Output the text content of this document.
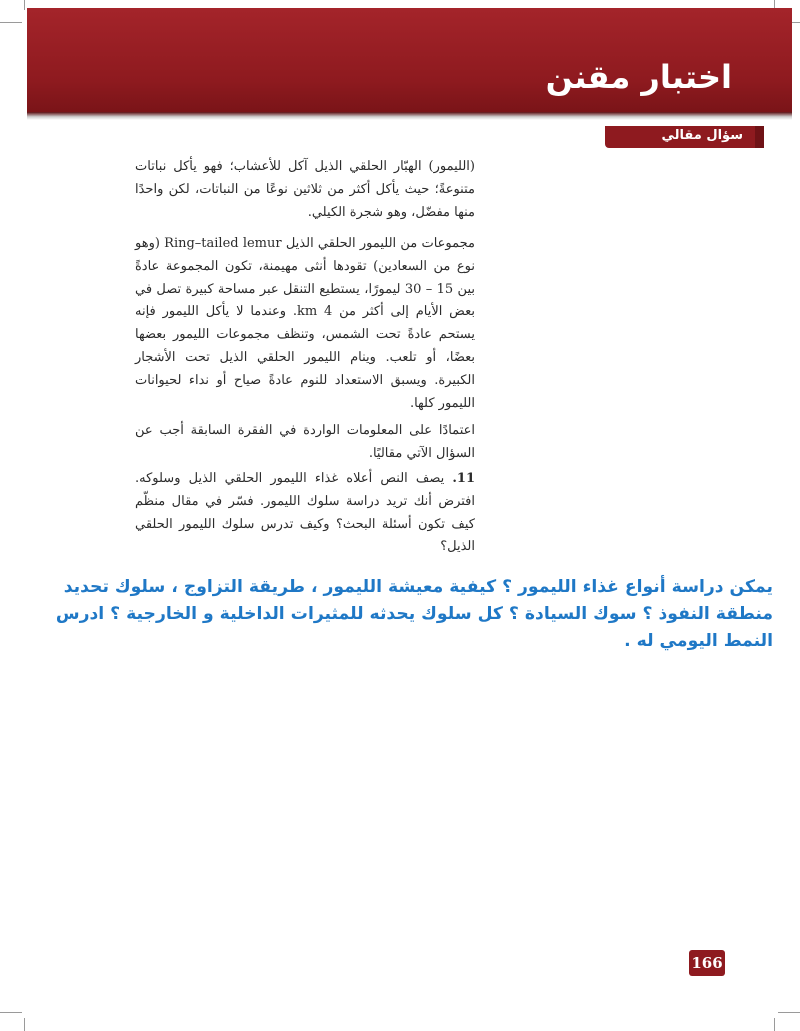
اختبار مقنن
سؤال مقالي

(الليمور) الهبّار الحلقي الذيل آكل للأعشاب؛ فهو يأكل نباتات متنوعةً؛ حيث يأكل أكثر من ثلاثين نوعًا من النباتات، لكن واحدًا منها مفضّل، وهو شجرة الكيلي.

مجموعات من الليمور الحلقي الذيل Ring–tailed lemur (وهو نوع من السعادين) تقودها أنثى مهيمنة، تكون المجموعة عادةً بين 15 – 30 ليمورًا، يستطيع التنقل عبر مساحة كبيرة تصل في بعض الأيام إلى أكثر من 4 km. وعندما لا يأكل الليمور فإنه يستحم عادةً تحت الشمس، وتنظف مجموعات الليمور بعضها بعضًا، أو تلعب. وينام الليمور الحلقي الذيل تحت الأشجار الكبيرة. ويسبق الاستعداد للنوم عادةً صياح أو نداء لحيوانات الليمور كلها.

اعتمادًا على المعلومات الواردة في الفقرة السابقة أجب عن السؤال الآتي مقاليًا.

11. يصف النص أعلاه غذاء الليمور الحلقي الذيل وسلوكه. افترض أنك تريد دراسة سلوك الليمور. فسّر في مقال منظّم كيف تكون أسئلة البحث؟ وكيف تدرس سلوك الليمور الحلقي الذيل؟

يمكن دراسة أنواع غذاء الليمور ؟ كيفية معيشة الليمور ، طريقة التزاوج ، سلوك تحديد منطقة النفوذ ؟ سوك السيادة ؟ كل سلوك يحدثه للمثيرات الداخلية و الخارجية ؟ ادرس النمط اليومي له .
166
